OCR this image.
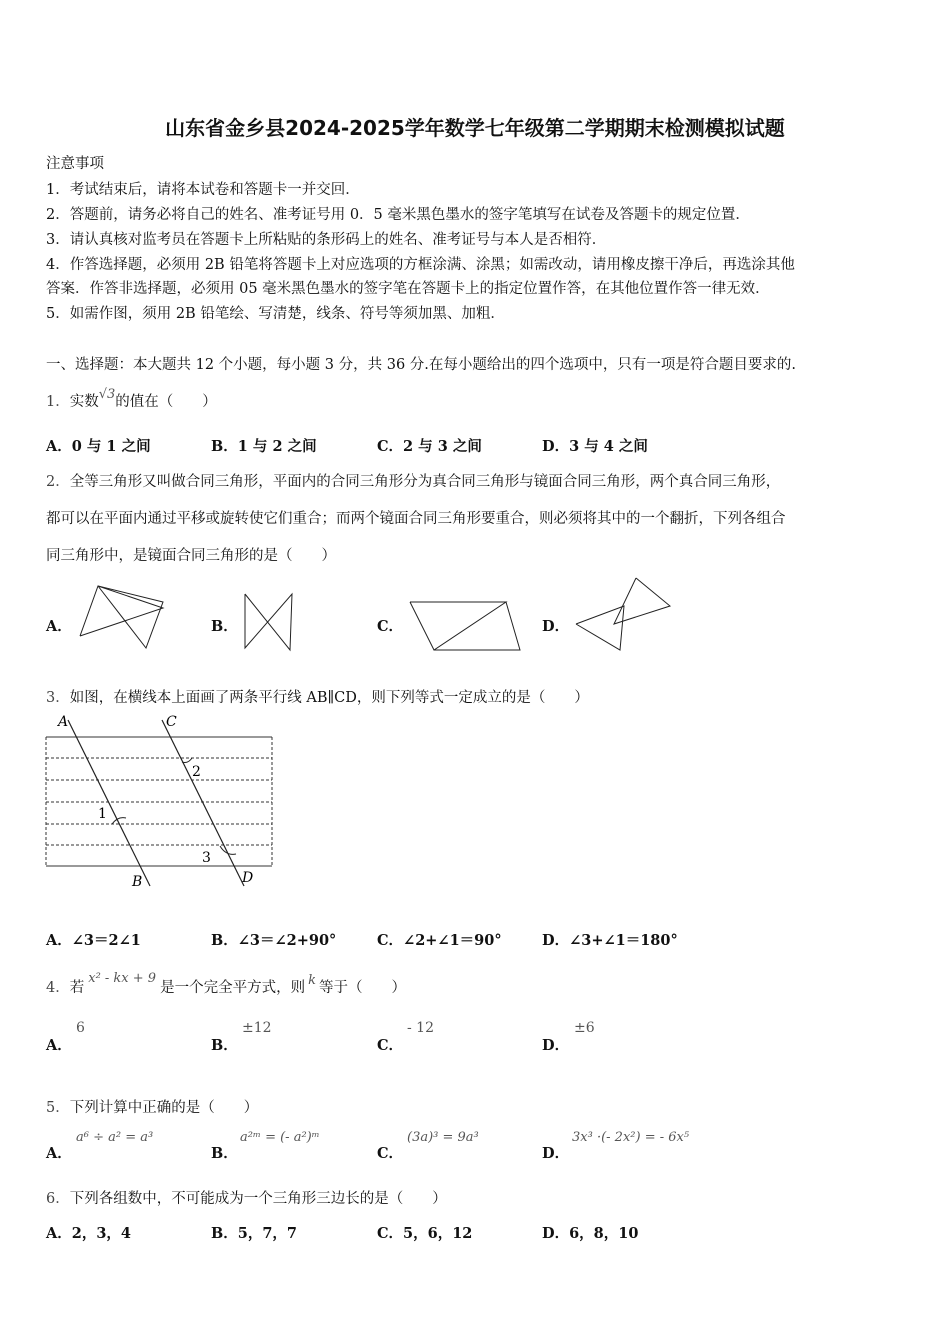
山东省金乡县2024-2025学年数学七年级第二学期期末检测模拟试题
注意事项
1．考试结束后，请将本试卷和答题卡一并交回．
2．答题前，请务必将自己的姓名、准考证号用 0．5 毫米黑色墨水的签字笔填写在试卷及答题卡的规定位置．
3．请认真核对监考员在答题卡上所粘贴的条形码上的姓名、准考证号与本人是否相符．
4．作答选择题，必须用 2B 铅笔将答题卡上对应选项的方框涂满、涂黑；如需改动，请用橡皮擦干净后，再选涂其他
答案．作答非选择题，必须用 05 毫米黑色墨水的签字笔在答题卡上的指定位置作答，在其他位置作答一律无效．
5．如需作图，须用 2B 铅笔绘、写清楚，线条、符号等须加黑、加粗．
一、选择题：本大题共 12 个小题，每小题 3 分，共 36 分.在每小题给出的四个选项中，只有一项是符合题目要求的.
1．实数√3的值在（　　）
A．0 与 1 之间	B．1 与 2 之间	C．2 与 3 之间	D．3 与 4 之间
2．全等三角形又叫做合同三角形，平面内的合同三角形分为真合同三角形与镜面合同三角形，两个真合同三角形，
都可以在平面内通过平移或旋转使它们重合；而两个镜面合同三角形要重合，则必须将其中的一个翻折，下列各组合
同三角形中，是镜面合同三角形的是（　　）
A．	B．	C．	D．
3．如图，在横线本上面画了两条平行线 AB∥CD，则下列等式一定成立的是（　　）
A	C
B	D
1
2
3
A．∠3＝2∠1	B．∠3＝∠2+90°	C．∠2+∠1＝90°	D．∠3+∠1＝180°
4．若x² - kx + 9是一个完全平方式，则 k 等于（　　）
A．
6
B．
±12
C．
- 12
D．
±6
5．下列计算中正确的是（　　）
A．
a⁶ ÷ a² = a³
B．
a²ᵐ = (- a²)ᵐ
C．
(3a)³ = 9a³
D．
3x³ ·(- 2x²) = - 6x⁵
6．下列各组数中，不可能成为一个三角形三边长的是（　　）
A．2，3，4	B．5，7，7	C．5，6，12	D．6，8，10
